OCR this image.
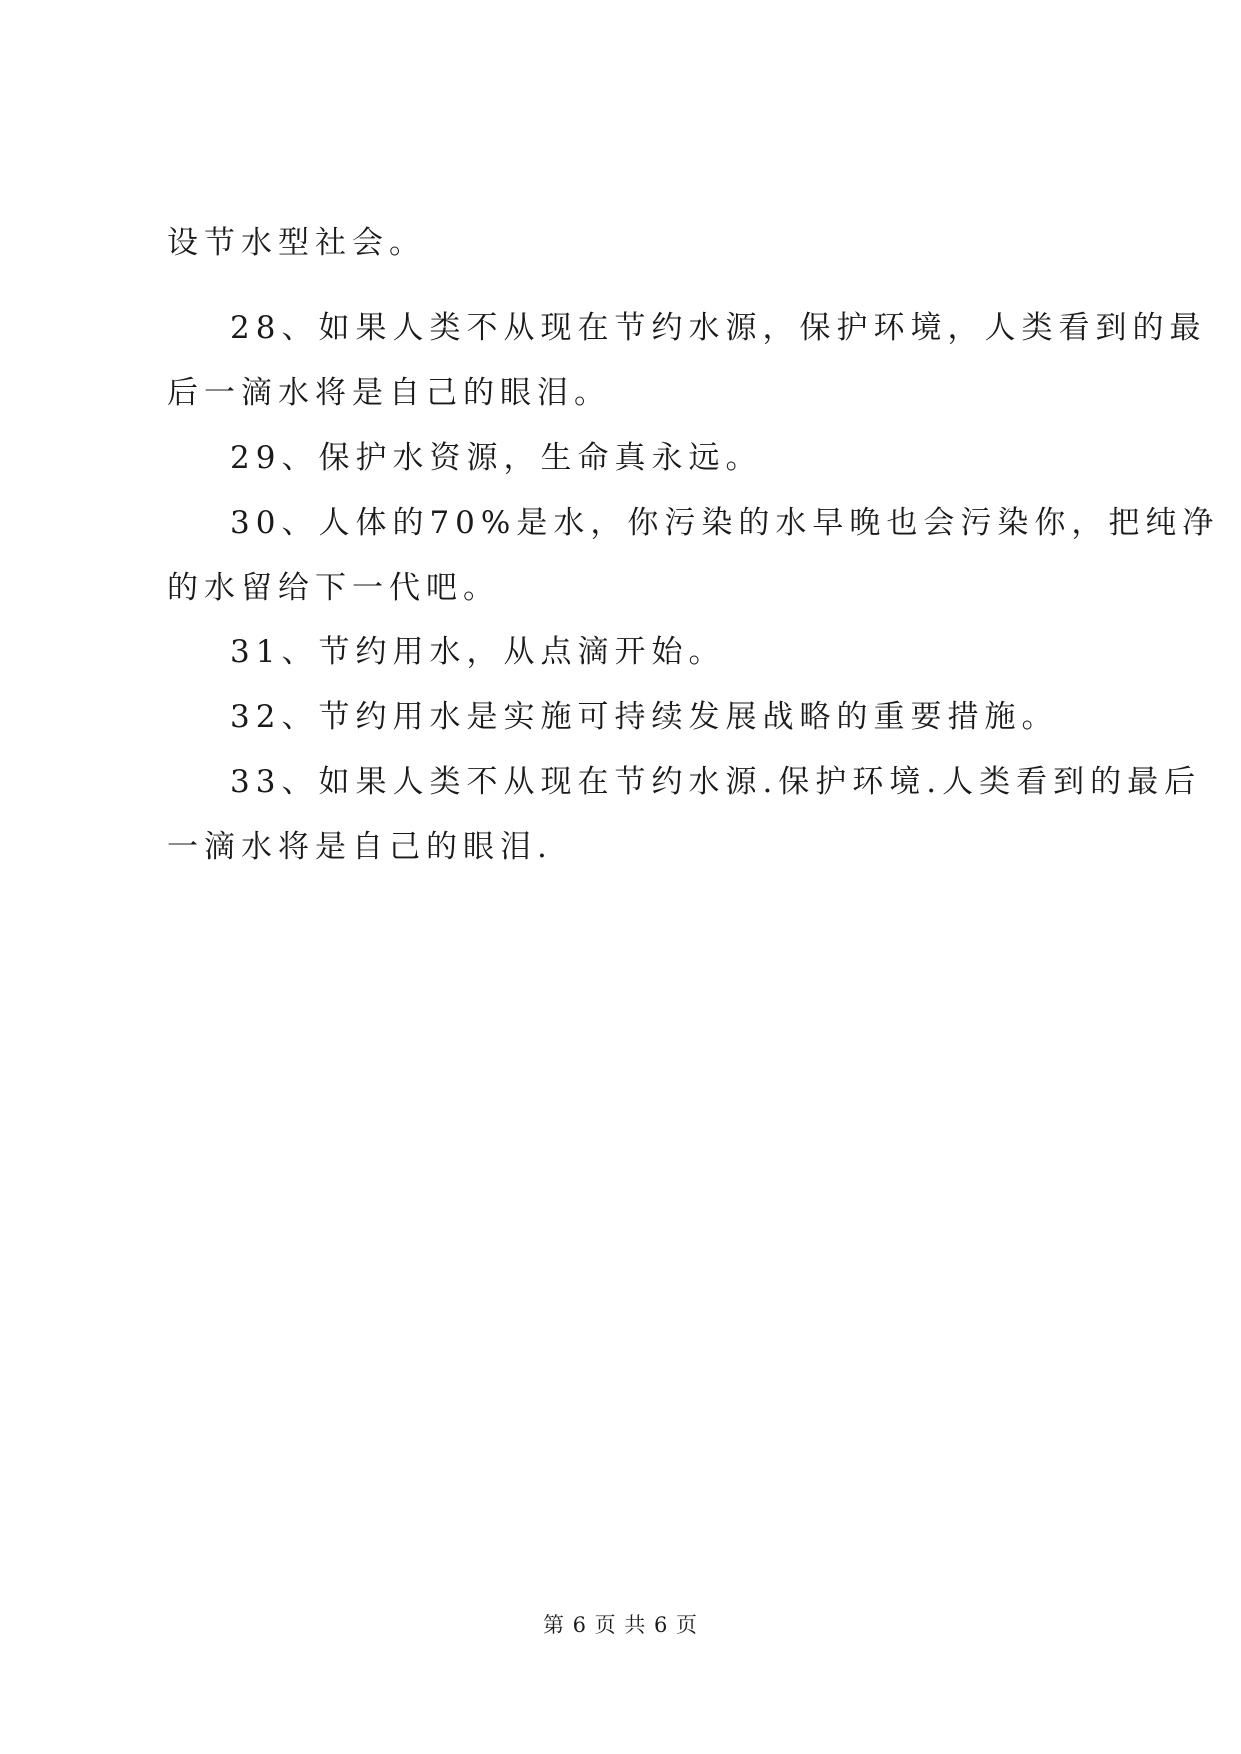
设节水型社会。
28、如果人类不从现在节约水源，保护环境，人类看到的最
后一滴水将是自己的眼泪。
29、保护水资源，生命真永远。
30、人体的70%是水，你污染的水早晚也会污染你，把纯净
的水留给下一代吧。
31、节约用水，从点滴开始。
32、节约用水是实施可持续发展战略的重要措施。
33、如果人类不从现在节约水源.保护环境.人类看到的最后
一滴水将是自己的眼泪.
第 6 页 共 6 页
